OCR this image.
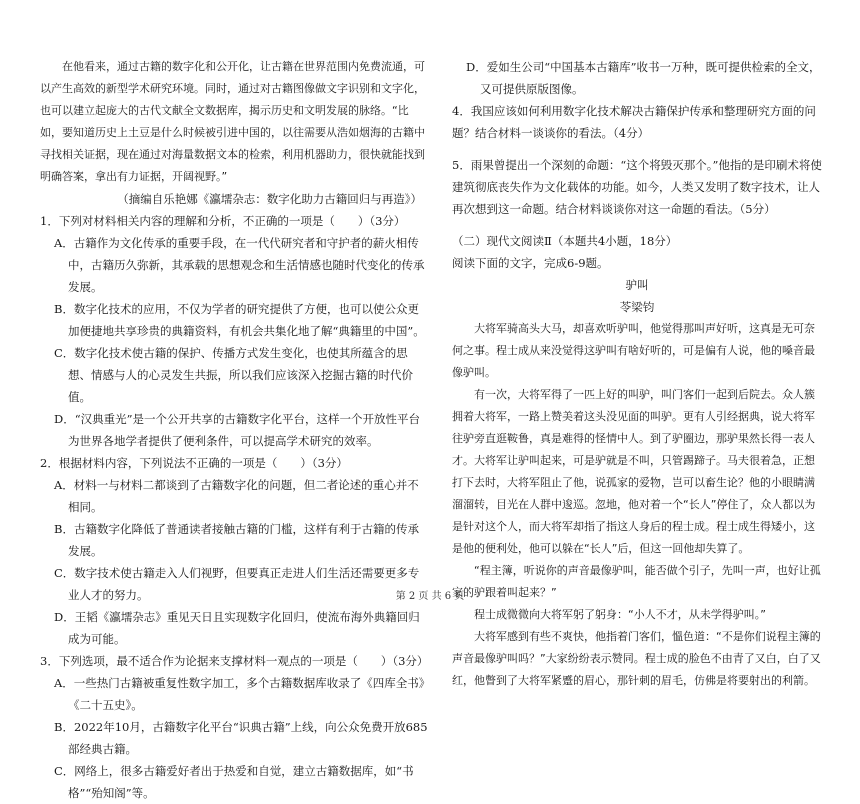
在他看来，通过古籍的数字化和公开化，让古籍在世界范围内免费流通，可以产生高效的新型学术研究环境。同时，通过对古籍图像做文字识别和文字化，也可以建立起庞大的古代文献全文数据库，揭示历史和文明发展的脉络。“比如，要知道历史上土豆是什么时候被引进中国的，以往需要从浩如烟海的古籍中寻找相关证据，现在通过对海量数据文本的检索，利用机器助力，很快就能找到明确答案，拿出有力证据，开阔视野。”

（摘编自乐艳娜《瀛壖杂志：数字化助力古籍回归与再造》）

1．下列对材料相关内容的理解和分析，不正确的一项是（　　）（3分）

A．古籍作为文化传承的重要手段，在一代代研究者和守护者的薪火相传中，古籍历久弥新，其承载的思想观念和生活情感也随时代变化的传承发展。

B．数字化技术的应用，不仅为学者的研究提供了方便，也可以使公众更加便捷地共享珍贵的典籍资料，有机会共集化地了解“典籍里的中国”。

C．数字化技术使古籍的保护、传播方式发生变化，也使其所蕴含的思想、情感与人的心灵发生共振，所以我们应该深入挖掘古籍的时代价值。

D．“汉典重光”是一个公开共享的古籍数字化平台，这样一个开放性平台为世界各地学者提供了便利条件，可以提高学术研究的效率。

2．根据材料内容，下列说法不正确的一项是（　　）（3分）

A．材料一与材料二都谈到了古籍数字化的问题，但二者论述的重心并不相同。

B．古籍数字化降低了普通读者接触古籍的门槛，这样有利于古籍的传承发展。

C．数字技术使古籍走入人们视野，但要真正走进人们生活还需要更多专业人才的努力。

D．王韬《瀛壖杂志》重见天日且实现数字化回归，使流布海外典籍回归成为可能。

3．下列选项，最不适合作为论据来支撑材料一观点的一项是（　　）（3分）

A．一些热门古籍被重复性数字加工，多个古籍数据库收录了《四库全书》《二十五史》。

B．2022年10月，古籍数字化平台“识典古籍”上线，向公众免费开放685部经典古籍。

C．网络上，很多古籍爱好者出于热爱和自觉，建立古籍数据库，如“书格”“殆知阁”等。

D．爱如生公司“中国基本古籍库”收书一万种，既可提供检索的全文，又可提供原版图像。

4．我国应该如何利用数字化技术解决古籍保护传承和整理研究方面的问题？结合材料一谈谈你的看法。（4分）

5．雨果曾提出一个深刻的命题：“这个将毁灭那个。”他指的是印刷术将使建筑彻底丧失作为文化载体的功能。如今，人类又发明了数字技术，让人再次想到这一命题。结合材料谈谈你对这一命题的看法。（5分）

（二）现代文阅读Ⅱ（本题共4小题，18分）

阅读下面的文字，完成6-9题。

驴叫

苓梁钧

大将军骑高头大马，却喜欢听驴叫，他觉得那叫声好听，这真是无可奈何之事。程士成从来没觉得这驴叫有啥好听的，可是偏有人说，他的嗓音最像驴叫。

有一次，大将军得了一匹上好的叫驴，叫门客们一起到后院去。众人簇拥着大将军，一路上赞美着这头没见面的叫驴。更有人引经据典，说大将军往驴旁直逛鞍鲁，真是难得的怪情中人。到了驴圈边，那驴果然长得一表人才。大将军让驴叫起来，可是驴就是不叫，只管踢蹄子。马夫很着急，正想打下去时，大将军阻止了他，说孤家的爱物，岂可以畜生论？他的小眼睛满溜溜转，目光在人群中逡巡。忽地，他对着一个“长人”停住了，众人都以为是针对这个人，而大将军却指了指这人身后的程士成。程士成生得矮小，这是他的便利处，他可以躲在“长人”后，但这一回他却失算了。

“程主簿，听说你的声音最像驴叫，能否做个引子，先叫一声，也好让孤家的驴跟着叫起来？”

程士成微微向大将军躬了躬身：“小人不才，从未学得驴叫。”

大将军感到有些不爽快，他指着门客们，慍色道：“不是你们说程主簿的声音最像驴叫吗？”大家纷纷表示赞同。程士成的脸色不由青了又白，白了又红，他瞥到了大将军紧蹙的眉心，那针刺的眉毛，仿佛是将要射出的利箭。

第 2 页 共 6 页
